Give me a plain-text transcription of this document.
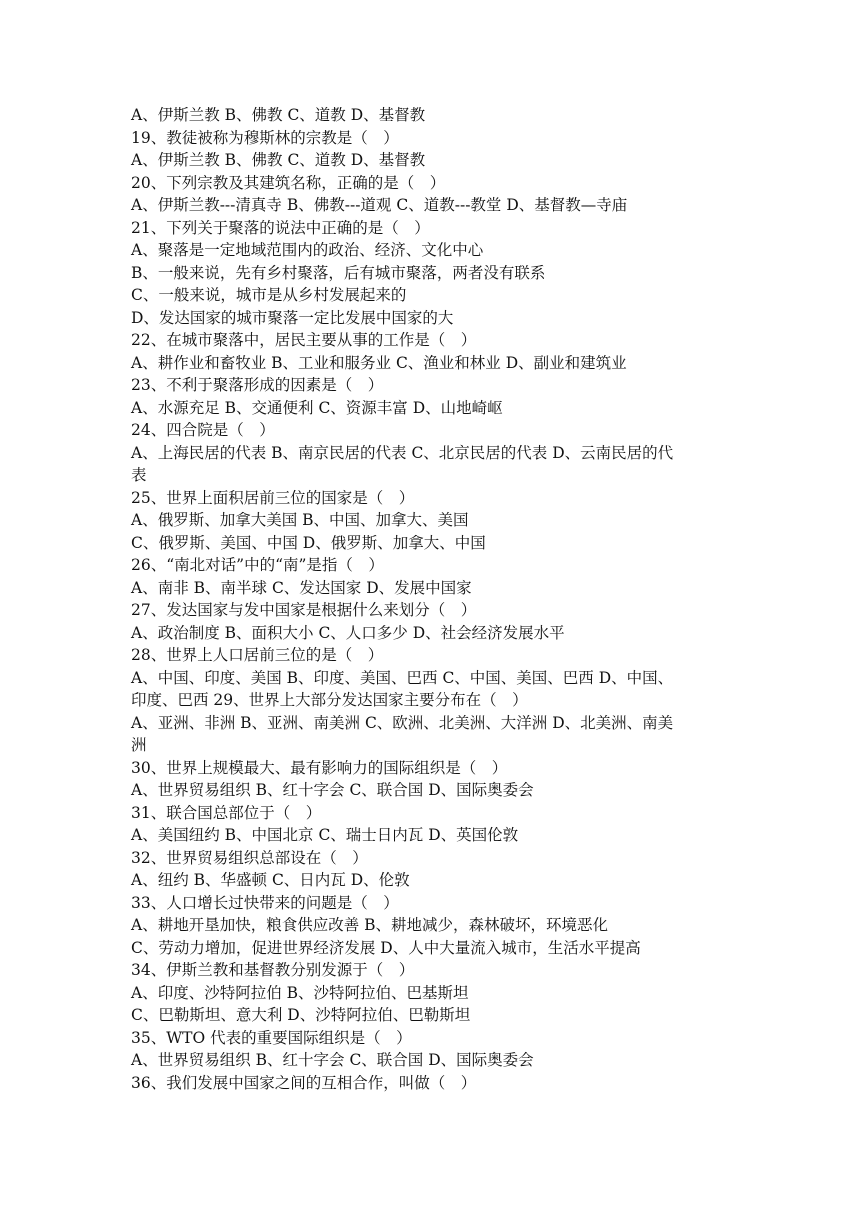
A、伊斯兰教 B、佛教 C、道教 D、基督教

19、教徒被称为穆斯林的宗教是（　）

A、伊斯兰教 B、佛教 C、道教 D、基督教

20、下列宗教及其建筑名称，正确的是（　）

A、伊斯兰教---清真寺 B、佛教---道观 C、道教---教堂 D、基督教—寺庙

21、下列关于聚落的说法中正确的是（　）

A、聚落是一定地域范围内的政治、经济、文化中心

B、一般来说，先有乡村聚落，后有城市聚落，两者没有联系

C、一般来说，城市是从乡村发展起来的

D、发达国家的城市聚落一定比发展中国家的大

22、在城市聚落中，居民主要从事的工作是（　）

A、耕作业和畜牧业 B、工业和服务业 C、渔业和林业 D、副业和建筑业

23、不利于聚落形成的因素是（　）

A、水源充足 B、交通便利 C、资源丰富 D、山地崎岖

24、四合院是（　）

A、上海民居的代表 B、南京民居的代表 C、北京民居的代表 D、云南民居的代

表

25、世界上面积居前三位的国家是（　）

A、俄罗斯、加拿大美国 B、中国、加拿大、美国

C、俄罗斯、美国、中国 D、俄罗斯、加拿大、中国

26、“南北对话”中的“南”是指（　）

A、南非 B、南半球 C、发达国家 D、发展中国家

27、发达国家与发中国家是根据什么来划分（　）

A、政治制度 B、面积大小 C、人口多少 D、社会经济发展水平

28、世界上人口居前三位的是（　）

A、中国、印度、美国 B、印度、美国、巴西 C、中国、美国、巴西 D、中国、

印度、巴西 29、世界上大部分发达国家主要分布在（　）

A、亚洲、非洲 B、亚洲、南美洲 C、欧洲、北美洲、大洋洲 D、北美洲、南美

洲

30、世界上规模最大、最有影响力的国际组织是（　）

A、世界贸易组织 B、红十字会 C、联合国 D、国际奥委会

31、联合国总部位于（　）

A、美国纽约 B、中国北京 C、瑞士日内瓦 D、英国伦敦

32、世界贸易组织总部设在（　）

A、纽约 B、华盛顿 C、日内瓦 D、伦敦

33、人口增长过快带来的问题是（　）

A、耕地开垦加快，粮食供应改善 B、耕地减少，森林破坏，环境恶化

C、劳动力增加，促进世界经济发展 D、人中大量流入城市，生活水平提高

34、伊斯兰教和基督教分别发源于（　）

A、印度、沙特阿拉伯 B、沙特阿拉伯、巴基斯坦

C、巴勒斯坦、意大利 D、沙特阿拉伯、巴勒斯坦

35、WTO 代表的重要国际组织是（　）

A、世界贸易组织 B、红十字会 C、联合国 D、国际奥委会

36、我们发展中国家之间的互相合作，叫做（　）
